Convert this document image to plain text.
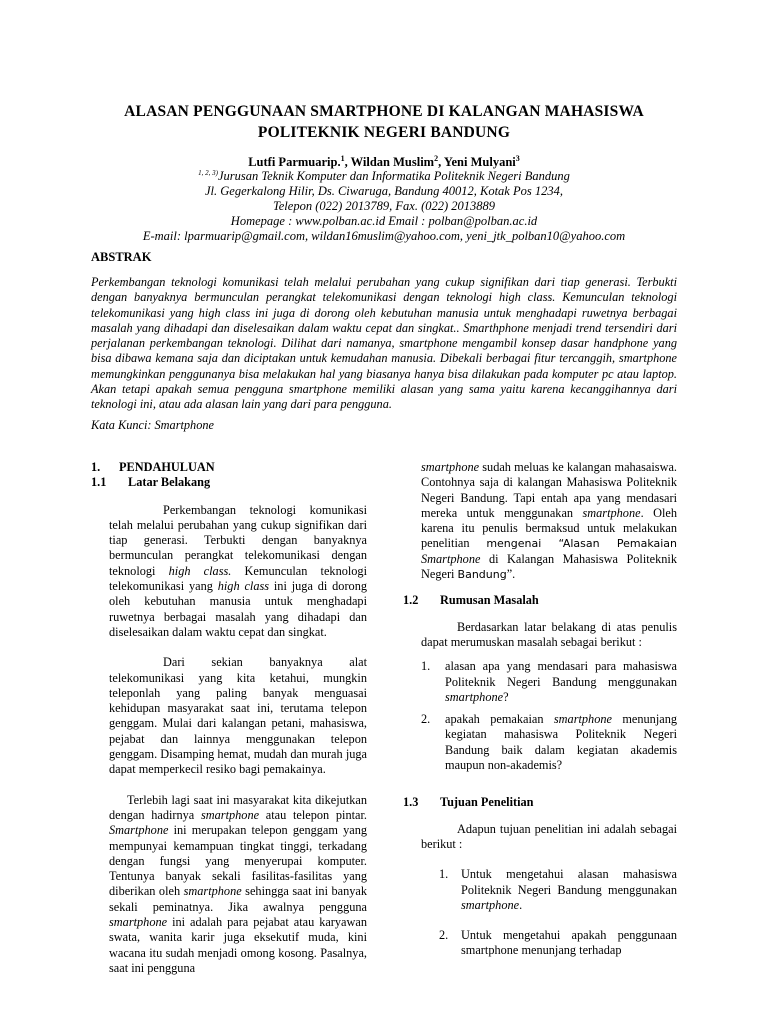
ALASAN PENGGUNAAN SMARTPHONE DI KALANGAN MAHASISWA
POLITEKNIK NEGERI BANDUNG
Lutfi Parmuarip.$^1$, Wildan Muslim$^2$, Yeni Mulyani$^3$
$^{1, 2, 3)}$Jurusan Teknik Komputer dan Informatika Politeknik Negeri Bandung
Jl. Gegerkalong Hilir, Ds. Ciwaruga, Bandung 40012, Kotak Pos 1234,
Telepon (022) 2013789, Fax. (022) 2013889
Homepage : www.polban.ac.id Email : polban@polban.ac.id
E-mail: lparmuarip@gmail.com, wildan16muslim@yahoo.com, yeni_jtk_polban10@yahoo.com
ABSTRAK
Perkembangan teknologi komunikasi telah melalui perubahan yang cukup signifikan dari tiap generasi. Terbukti dengan banyaknya bermunculan perangkat telekomunikasi dengan teknologi high class. Kemunculan teknologi telekomunikasi yang high class ini juga di dorong oleh kebutuhan manusia untuk menghadapi ruwetnya berbagai masalah yang dihadapi dan diselesaikan dalam waktu cepat dan singkat.. Smarthphone menjadi trend tersendiri dari perjalanan perkembangan teknologi. Dilihat dari namanya, smartphone mengambil konsep dasar handphone yang bisa dibawa kemana saja dan diciptakan untuk kemudahan manusia. Dibekali berbagai fitur tercanggih, smartphone memungkinkan penggunanya bisa melakukan hal yang biasanya hanya bisa dilakukan pada komputer pc atau laptop. Akan tetapi apakah semua pengguna smartphone memiliki alasan yang sama yaitu karena kecanggihannya dari teknologi ini, atau ada alasan lain yang dari para pengguna.
Kata Kunci: Smartphone
1.	PENDAHULUAN
1.1	Latar Belakang

Perkembangan teknologi komunikasi telah melalui perubahan yang cukup signifikan dari tiap generasi. Terbukti dengan banyaknya bermunculan perangkat telekomunikasi dengan teknologi high class. Kemunculan teknologi telekomunikasi yang high class ini juga di dorong oleh kebutuhan manusia untuk menghadapi ruwetnya berbagai masalah yang dihadapi dan diselesaikan dalam waktu cepat dan singkat.

Dari sekian banyaknya alat telekomunikasi yang kita ketahui, mungkin teleponlah yang paling banyak menguasai kehidupan masyarakat saat ini, terutama telepon genggam. Mulai dari kalangan petani, mahasiswa, pejabat dan lainnya menggunakan telepon genggam. Disamping hemat, mudah dan murah juga dapat memperkecil resiko bagi pemakainya.

Terlebih lagi saat ini masyarakat kita dikejutkan dengan hadirnya smartphone atau telepon pintar. Smartphone ini merupakan telepon genggam yang mempunyai kemampuan tingkat tinggi, terkadang dengan fungsi yang menyerupai komputer. Tentunya banyak sekali fasilitas-fasilitas yang diberikan oleh smartphone sehingga saat ini banyak sekali peminatnya. Jika awalnya pengguna smartphone ini adalah para pejabat atau karyawan swata, wanita karir juga eksekutif muda, kini wacana itu sudah menjadi omong kosong. Pasalnya, saat ini pengguna

smartphone sudah meluas ke kalangan mahasaiswa. Contohnya saja di kalangan Mahasiswa Politeknik Negeri Bandung. Tapi entah apa yang mendasari mereka untuk menggunakan smartphone. Oleh karena itu penulis bermaksud untuk melakukan penelitian mengenai “Alasan Pemakaian Smartphone di Kalangan Mahasiswa Politeknik Negeri Bandung”.

1.2	Rumusan Masalah

Berdasarkan latar belakang di atas penulis dapat merumuskan masalah sebagai berikut :

1.	alasan apa yang mendasari para mahasiswa Politeknik Negeri Bandung menggunakan smartphone?
2.	apakah pemakaian smartphone menunjang kegiatan mahasiswa Politeknik Negeri Bandung baik dalam kegiatan akademis maupun non-akademis?
1.3	Tujuan Penelitian

Adapun tujuan penelitian ini adalah sebagai berikut :

1.	Untuk mengetahui alasan mahasiswa Politeknik Negeri Bandung menggunakan smartphone.
2.	Untuk mengetahui apakah penggunaan smartphone menunjang terhadap
